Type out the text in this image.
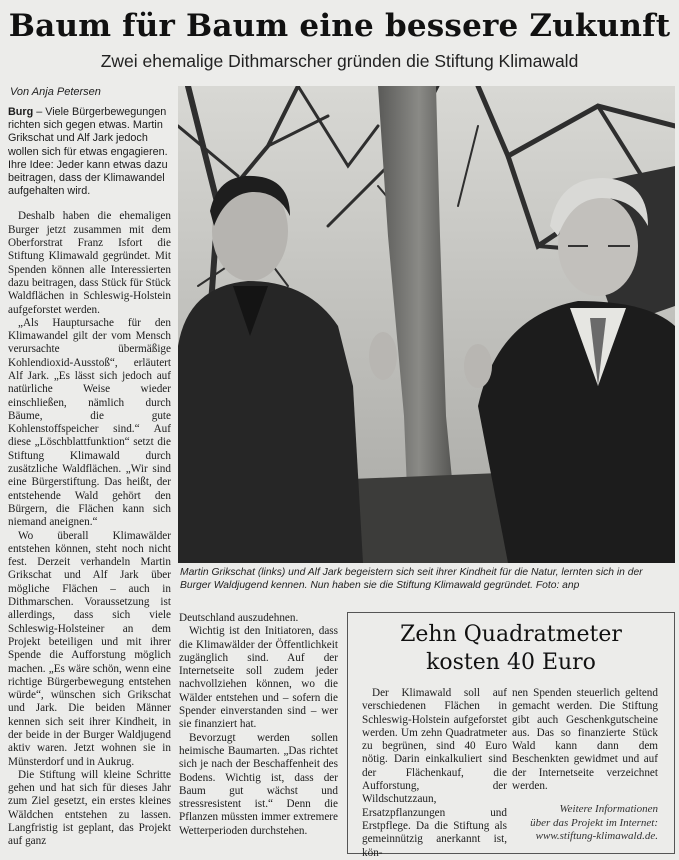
Baum für Baum eine bessere Zukunft
Zwei ehemalige Dithmarscher gründen die Stiftung Klimawald
Von Anja Petersen

Burg – Viele Bürgerbewegungen richten sich gegen etwas. Martin Grikschat und Alf Jark jedoch wollen sich für etwas engagieren. Ihre Idee: Jeder kann etwas dazu beitragen, dass der Klimawandel aufgehalten wird.

Deshalb haben die ehemaligen Burger jetzt zusammen mit dem Oberforstrat Franz Isfort die Stiftung Klimawald gegründet. Mit Spenden können alle Interessierten dazu beitragen, dass Stück für Stück Waldflächen in Schleswig-Holstein aufgeforstet werden.

„Als Hauptursache für den Klimawandel gilt der vom Mensch verursachte übermäßige Kohlendioxid-Ausstoß“, erläutert Alf Jark. „Es lässt sich jedoch auf natürliche Weise wieder einschließen, nämlich durch Bäume, die gute Kohlenstoffspeicher sind.“ Auf diese „Löschblattfunktion“ setzt die Stiftung Klimawald durch zusätzliche Waldflächen. „Wir sind eine Bürgerstiftung. Das heißt, der entstehende Wald gehört den Bürgern, die Flächen kann sich niemand aneignen.“

Wo überall Klimawälder entstehen können, steht noch nicht fest. Derzeit verhandeln Martin Grikschat und Alf Jark über mögliche Flächen – auch in Dithmarschen. Voraussetzung ist allerdings, dass sich viele Schleswig-Holsteiner an dem Projekt beteiligen und mit ihrer Spende die Aufforstung möglich machen. „Es wäre schön, wenn eine richtige Bürgerbewegung entstehen würde“, wünschen sich Grikschat und Jark. Die beiden Männer kennen sich seit ihrer Kindheit, in der beide in der Burger Waldjugend aktiv waren. Jetzt wohnen sie in Münsterdorf und in Aukrug.

Die Stiftung will kleine Schritte gehen und hat sich für dieses Jahr zum Ziel gesetzt, ein erstes kleines Wäldchen entstehen zu lassen. Langfristig ist geplant, das Projekt auf ganz

Martin Grikschat (links) und Alf Jark begeistern sich seit ihrer Kindheit für die Natur, lernten sich in der Burger Waldjugend kennen. Nun haben sie die Stiftung Klimawald gegründet. Foto: anp

Deutschland auszudehnen.

Wichtig ist den Initiatoren, dass die Klimawälder der Öffentlichkeit zugänglich sind. Auf der Internetseite soll zudem jeder nachvollziehen können, wo die Wälder entstehen und – sofern die Spender einverstanden sind – wer sie finanziert hat.

Bevorzugt werden sollen heimische Baumarten. „Das richtet sich je nach der Beschaffenheit des Bodens. Wichtig ist, dass der Baum gut wächst und stressresistent ist.“ Denn die Pflanzen müssten immer extremere Wetterperioden durchstehen.

Zehn Quadratmeter
kosten 40 Euro

Der Klimawald soll auf verschiedenen Flächen in Schleswig-Holstein aufgeforstet werden. Um zehn Quadratmeter zu begrünen, sind 40 Euro nötig. Darin einkalkuliert sind der Flächenkauf, die Aufforstung, der Wildschutzzaun, Ersatzpflanzungen und Erstpflege. Da die Stiftung als gemeinnützig anerkannt ist, kön-

nen Spenden steuerlich geltend gemacht werden. Die Stiftung gibt auch Geschenkgutscheine aus. Das so finanzierte Stück Wald kann dann dem Beschenkten gewidmet und auf der Internetseite verzeichnet werden.

Weitere Informationen
über das Projekt im Internet:
www.stiftung-klimawald.de.
